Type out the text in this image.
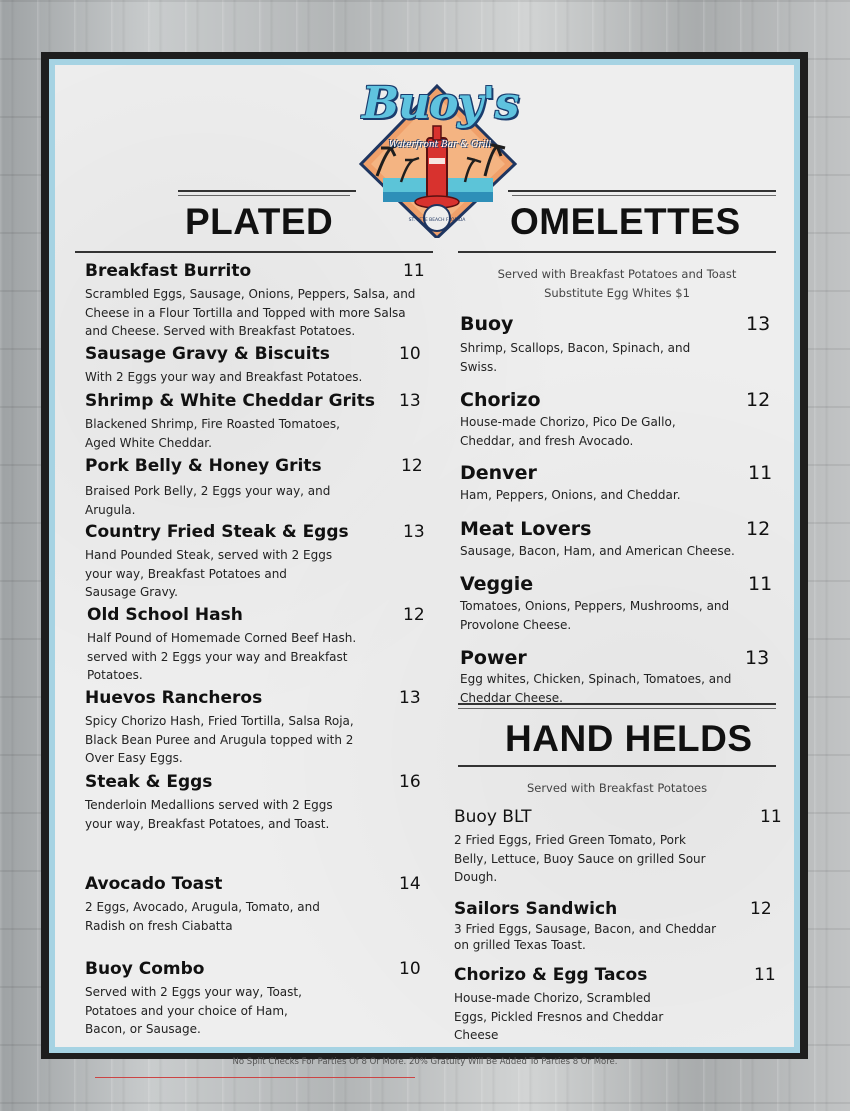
ST. PETE BEACH FLORIDA
Buoy's
Waterfront Bar & Grill
PLATED	OMELETTES
Served with Breakfast Potatoes and Toast
Substitute Egg Whites $1
HAND HELDS
Served with Breakfast Potatoes
Breakfast Burrito	11
Scrambled Eggs, Sausage, Onions, Peppers, Salsa, and Cheese in a Flour Tortilla and Topped with more Salsa and Cheese. Served with Breakfast Potatoes.
Sausage Gravy & Biscuits	10
With 2 Eggs your way and Breakfast Potatoes.
Shrimp & White Cheddar Grits 13
Blackened Shrimp, Fire Roasted Tomatoes, Aged White Cheddar.
Pork Belly & Honey Grits	12
Braised Pork Belly, 2 Eggs your way, and Arugula.
Country Fried Steak & Eggs	13
Hand Pounded Steak, served with 2 Eggs your way, Breakfast Potatoes and Sausage Gravy.
Old School Hash	12
Half Pound of Homemade Corned Beef Hash. served with 2 Eggs your way and Breakfast Potatoes.
Huevos Rancheros	13
Spicy Chorizo Hash, Fried Tortilla, Salsa Roja, Black Bean Puree and Arugula topped with 2 Over Easy Eggs.
Steak & Eggs	16
Tenderloin Medallions served with 2 Eggs your way, Breakfast Potatoes, and Toast.
Avocado Toast	14
2 Eggs, Avocado, Arugula, Tomato, and Radish on fresh Ciabatta
Buoy Combo	10
Served with 2 Eggs your way, Toast, Potatoes and your choice of Ham, Bacon, or Sausage.
Buoy	13
Shrimp, Scallops, Bacon, Spinach, and Swiss.
Chorizo	12
House-made Chorizo, Pico De Gallo, Cheddar, and fresh Avocado.
Denver	11
Ham, Peppers, Onions, and Cheddar.
Meat Lovers	12
Sausage, Bacon, Ham, and American Cheese.
Veggie	11
Tomatoes, Onions, Peppers, Mushrooms, and Provolone Cheese.
Power	13
Egg whites, Chicken, Spinach, Tomatoes, and Cheddar Cheese.
Buoy BLT	11
2 Fried Eggs, Fried Green Tomato, Pork Belly, Lettuce, Buoy Sauce on grilled Sour Dough.
Sailors Sandwich	12
3 Fried Eggs, Sausage, Bacon, and Cheddar on grilled Texas Toast.
Chorizo & Egg Tacos	11
House-made Chorizo, Scrambled Eggs, Pickled Fresnos and Cheddar Cheese
No Split Checks For Parties Of 8 Or More. 20% Gratuity Will Be Added To Parties 8 Or More.
